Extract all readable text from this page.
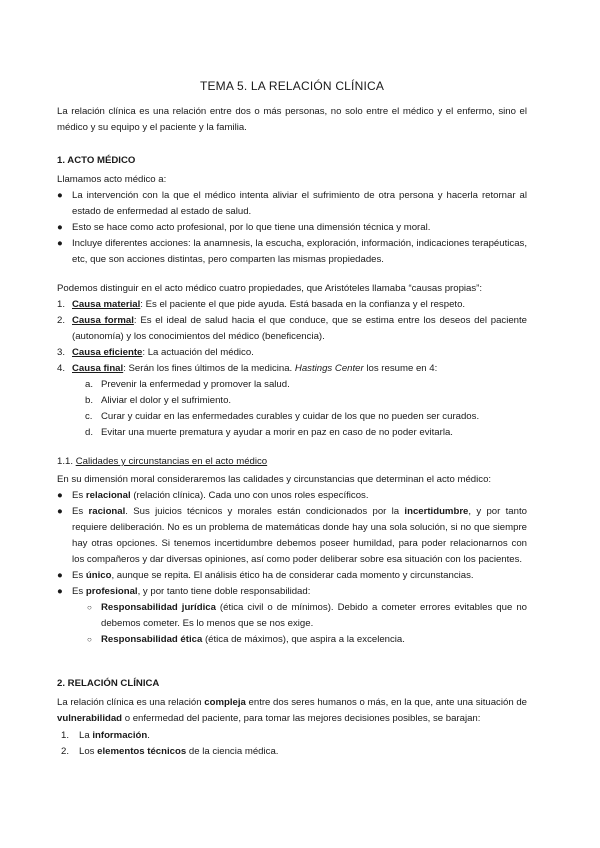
TEMA 5. LA RELACIÓN CLÍNICA

La relación clínica es una relación entre dos o más personas, no solo entre el médico y el enfermo, sino el médico y su equipo y el paciente y la familia.

1. ACTO MÉDICO

Llamamos acto médico a:

● La intervención con la que el médico intenta aliviar el sufrimiento de otra persona y hacerla retornar al estado de enfermedad al estado de salud.
● Esto se hace como acto profesional, por lo que tiene una dimensión técnica y moral.
● Incluye diferentes acciones: la anamnesis, la escucha, exploración, información, indicaciones terapéuticas, etc, que son acciones distintas, pero comparten las mismas propiedades.

Podemos distinguir en el acto médico cuatro propiedades, que Aristóteles llamaba “causas propias”:

1. Causa material: Es el paciente el que pide ayuda. Está basada en la confianza y el respeto.
2. Causa formal: Es el ideal de salud hacia el que conduce, que se estima entre los deseos del paciente (autonomía) y los conocimientos del médico (beneficencia).
3. Causa eficiente: La actuación del médico.
4. Causa final: Serán los fines últimos de la medicina. Hastings Center los resume en 4:
a. Prevenir la enfermedad y promover la salud.
b. Aliviar el dolor y el sufrimiento.
c. Curar y cuidar en las enfermedades curables y cuidar de los que no pueden ser curados.
d. Evitar una muerte prematura y ayudar a morir en paz en caso de no poder evitarla.
1.1. Calidades y circunstancias en el acto médico

En su dimensión moral consideraremos las calidades y circunstancias que determinan el acto médico:

● Es relacional (relación clínica). Cada uno con unos roles específicos.
● Es racional. Sus juicios técnicos y morales están condicionados por la incertidumbre, y por tanto requiere deliberación. No es un problema de matemáticas donde hay una sola solución, si no que siempre hay otras opciones. Si tenemos incertidumbre debemos poseer humildad, para poder relacionarnos con los compañeros y dar diversas opiniones, así como poder deliberar sobre esa situación con los pacientes.
● Es único, aunque se repita. El análisis ético ha de considerar cada momento y circunstancias.
● Es profesional, y por tanto tiene doble responsabilidad:
○ Responsabilidad jurídica (ética civil o de mínimos). Debido a cometer errores evitables que no debemos cometer. Es lo menos que se nos exige.
○ Responsabilidad ética (ética de máximos), que aspira a la excelencia.
2. RELACIÓN CLÍNICA

La relación clínica es una relación compleja entre dos seres humanos o más, en la que, ante una situación de vulnerabilidad o enfermedad del paciente, para tomar las mejores decisiones posibles, se barajan:

1. La información.
2. Los elementos técnicos de la ciencia médica.
